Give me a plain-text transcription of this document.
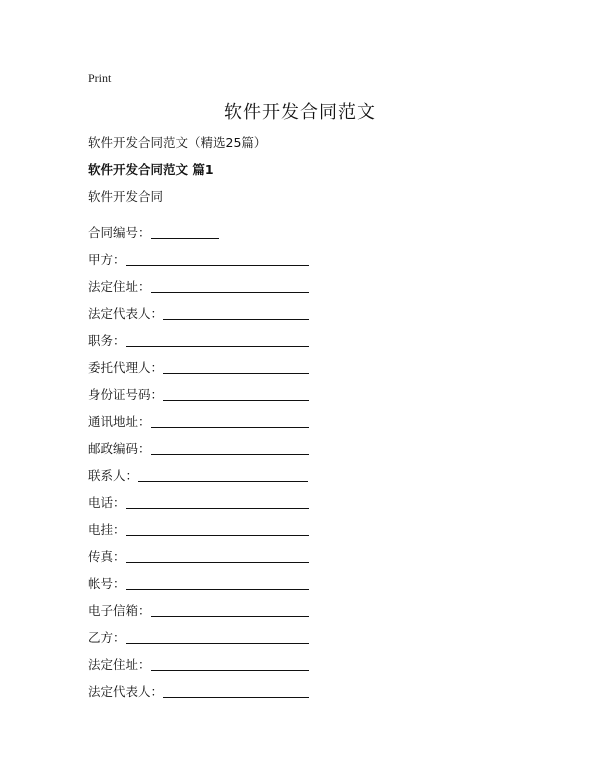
Print
软件开发合同范文
软件开发合同范文（精选25篇）
软件开发合同范文 篇1
软件开发合同
合同编号：
甲方：
法定住址：
法定代表人：
职务：
委托代理人：
身份证号码：
通讯地址：
邮政编码：
联系人：
电话：
电挂：
传真：
帐号：
电子信箱：
乙方：
法定住址：
法定代表人：
